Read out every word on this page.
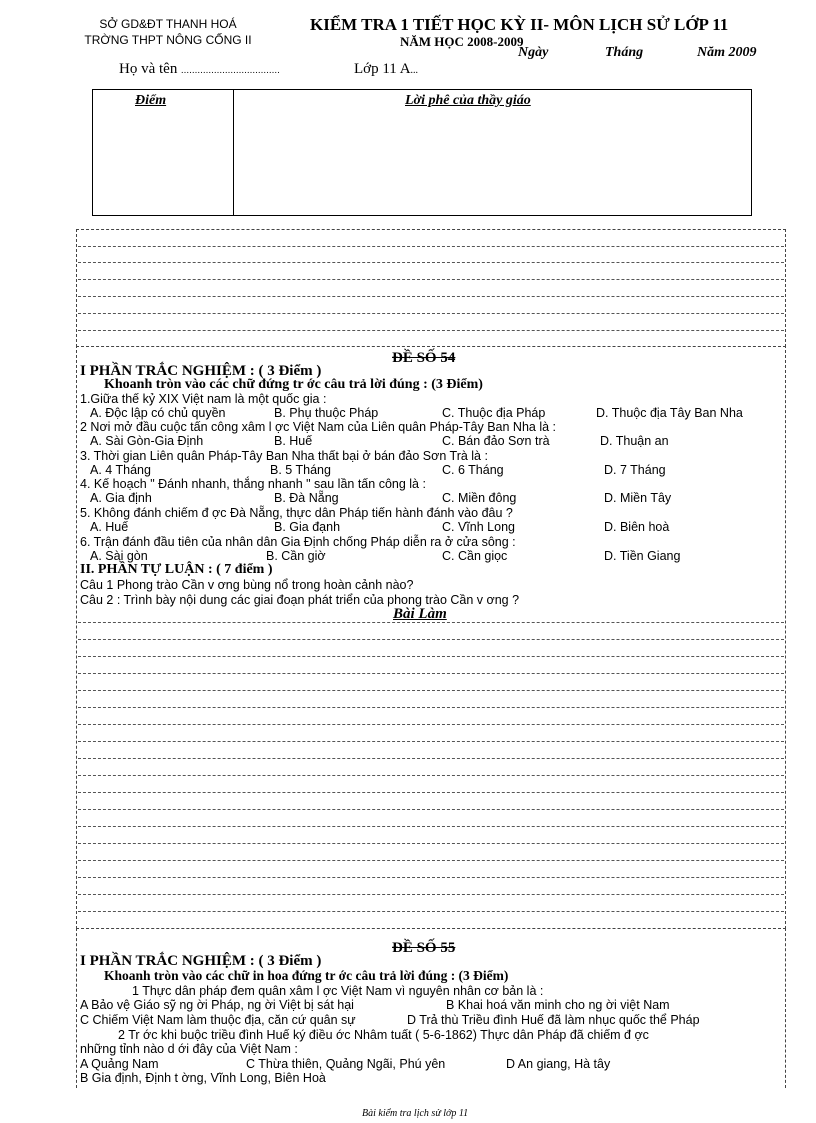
SỞ GD&ĐT THANH HOÁ
TRỜNG THPT NÔNG CỐNG II
KIỂM TRA 1 TIẾT HỌC KỲ II- MÔN LỊCH SỬ LỚP 11
NĂM HỌC 2008-2009
Ngày	Tháng	Năm 2009
Họ và tên ....................................	Lớp 11 A...
Điểm	Lời phê của thầy giáo
ĐỀ SỐ 54
I PHẦN TRẮC NGHIỆM : ( 3 Điểm )
Khoanh tròn vào các chữ đứng tr ớc câu trả lời đúng : (3 Điểm)
1.Giữa thế kỷ XIX Việt nam là một quốc gia :
A. Độc lập có chủ quyền	B. Phụ thuộc Pháp	C. Thuộc địa Pháp	D. Thuộc địa Tây Ban Nha
2 Nơi mở đầu cuộc tấn công xâm l ợc Việt Nam của Liên quân Pháp-Tây Ban Nha là :
A. Sài Gòn-Gia Định	B. Huế	C. Bán đảo Sơn trà	D. Thuận an
3. Thời gian Liên quân Pháp-Tây Ban Nha thất bại ở bán đảo Sơn Trà là :
A. 4 Tháng	B. 5 Tháng	C. 6 Tháng	D. 7 Tháng
4. Kế hoạch " Đánh nhanh, thắng nhanh " sau lần tấn công là :
A. Gia định	B. Đà Nẵng	C. Miền đông	D. Miền Tây
5. Không đánh chiếm đ ợc Đà Nẵng, thực dân Pháp tiến hành đánh vào đâu ?
A. Huế	B. Gia đạnh	C. Vĩnh Long	D. Biên hoà
6. Trận đánh đầu tiên của nhân dân Gia Định chống Pháp diễn ra ở cửa sông :
A. Sài gòn	B. Cần giờ	C. Cần giọc	D. Tiền Giang
II. PHẦN TỰ LUẬN : ( 7 điểm )
Câu 1 Phong trào Cần v ơng bùng nổ trong hoàn cảnh nào?
Câu 2 : Trình bày nội dung các giai đoạn phát triển của phong trào Cần v ơng ?
Bài Làm
ĐỀ SỐ 55
I PHẦN TRẮC NGHIỆM : ( 3 Điểm )
Khoanh tròn vào các chữ in hoa đứng tr ớc câu trả lời đúng : (3 Điểm)
1 Thực dân pháp đem quân xâm l ợc Việt Nam vì nguyên nhân cơ bản là :
A Bảo vệ Giáo sỹ ng ời Pháp, ng ời Việt bị sát hại	B Khai hoá văn minh cho ng ời việt Nam
C Chiếm Việt Nam làm thuộc địa, căn cứ quân sự	D Trả thù Triều đình Huế đã làm nhục quốc thể Pháp
2 Tr ớc khi buộc triều đình Huế ký điều ớc Nhâm tuất ( 5-6-1862) Thực dân Pháp đã chiếm đ ợc
những tỉnh nào d ới đây của Việt Nam :
A Quảng Nam	C Thừa thiên, Quảng Ngãi, Phú yên	D An giang, Hà tây
B Gia định, Định t ờng, Vĩnh Long, Biên Hoà
Bài kiểm tra lịch sử lớp 11
